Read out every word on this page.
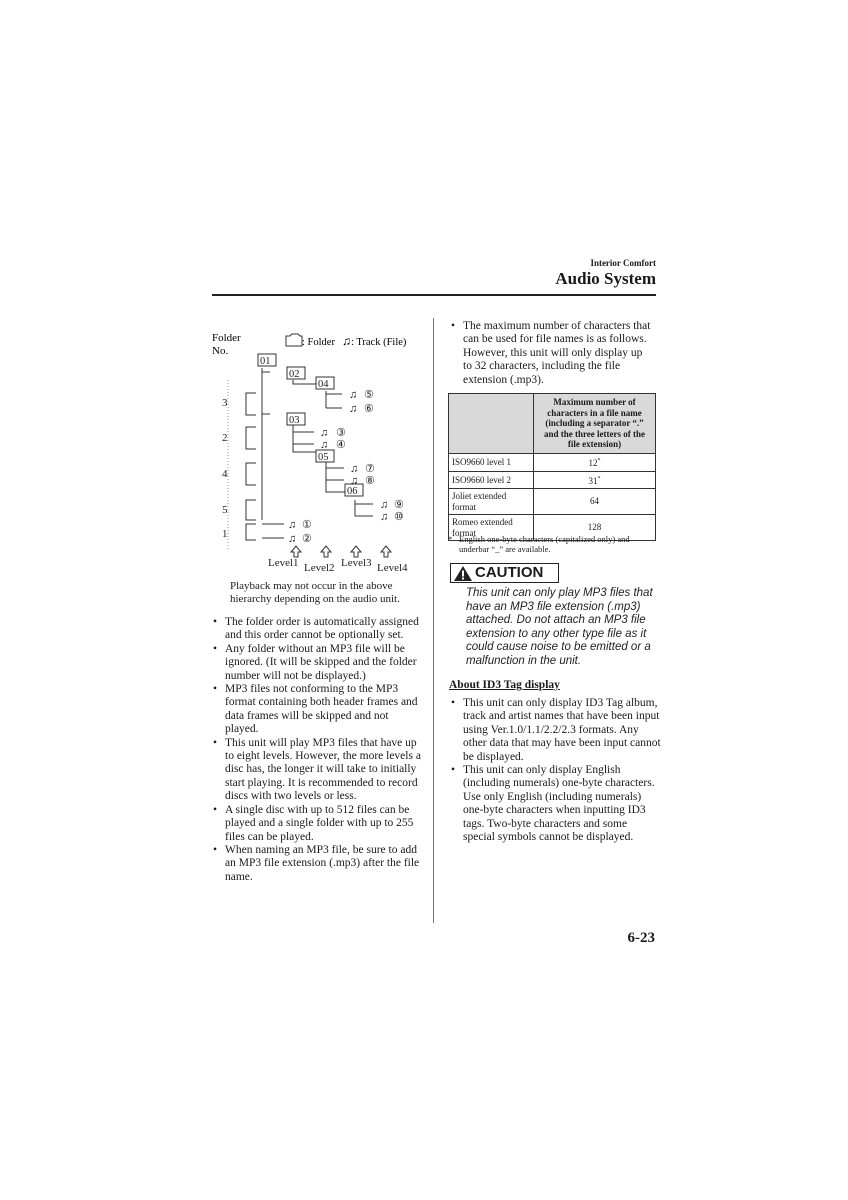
Interior Comfort
Audio System
: Folder ♫ : Track (File)
Folder
No.
01
02
04
03
05
06
♫ ⑤
♫ ⑥
♫ ③
♫ ④
♫ ⑦
♫ ⑧
♫ ⑨
♫ ⑩
♫ ①
♫ ②
3
2
4
5
1
Level1 Level2 Level3 Level4
Playback may not occur in the above hierarchy depending on the audio unit.
• The folder order is automatically assigned and this order cannot be optionally set.
• Any folder without an MP3 file will be ignored. (It will be skipped and the folder number will not be displayed.)
• MP3 files not conforming to the MP3 format containing both header frames and data frames will be skipped and not played.
• This unit will play MP3 files that have up to eight levels. However, the more levels a disc has, the longer it will take to initially start playing. It is recommended to record discs with two levels or less.
• A single disc with up to 512 files can be played and a single folder with up to 255 files can be played.
• When naming an MP3 file, be sure to add an MP3 file extension (.mp3) after the file name.
• The maximum number of characters that can be used for file names is as follows. However, this unit will only display up to 32 characters, including the file extension (.mp3).
	Maximum number of characters in a file name (including a separator “.” and the three letters of the file extension)
ISO9660 level 1	12*
ISO9660 level 2	31*
Joliet extended format	64
Romeo extended format	128
* English one-byte characters (capitalized only) and underbar “_” are available.
CAUTION
This unit can only play MP3 files that have an MP3 file extension (.mp3) attached. Do not attach an MP3 file extension to any other type file as it could cause noise to be emitted or a malfunction in the unit.
About ID3 Tag display
• This unit can only display ID3 Tag album, track and artist names that have been input using Ver.1.0/1.1/2.2/2.3 formats. Any other data that may have been input cannot be displayed.
• This unit can only display English (including numerals) one-byte characters. Use only English (including numerals) one-byte characters when inputting ID3 tags. Two-byte characters and some special symbols cannot be displayed.
6-23
